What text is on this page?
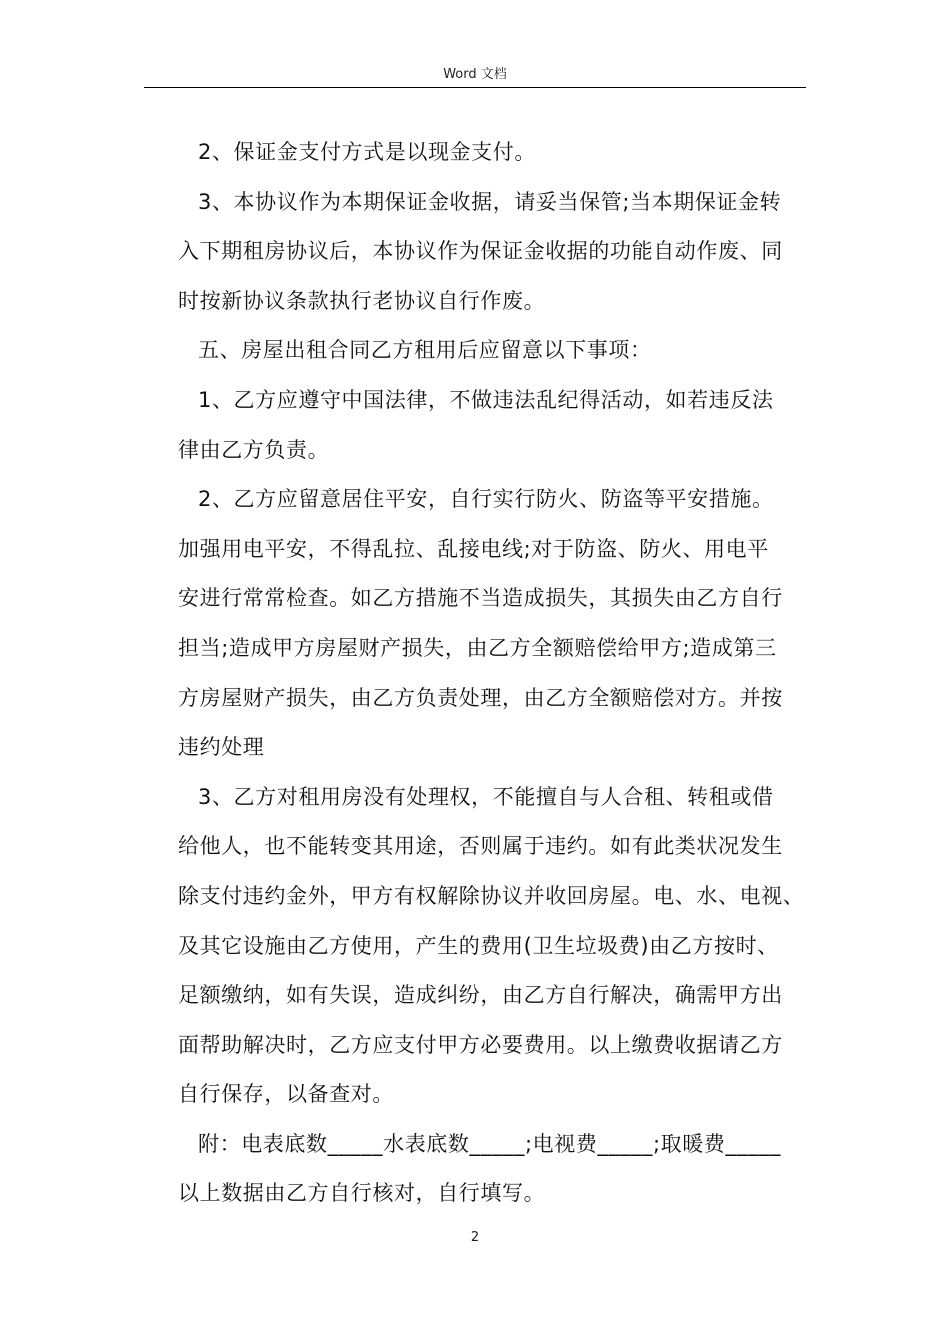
Word 文档
2、保证金支付方式是以现金支付。
3、本协议作为本期保证金收据，请妥当保管;当本期保证金转
入下期租房协议后，本协议作为保证金收据的功能自动作废、同
时按新协议条款执行老协议自行作废。
五、房屋出租合同乙方租用后应留意以下事项：
1、乙方应遵守中国法律，不做违法乱纪得活动，如若违反法
律由乙方负责。
2、乙方应留意居住平安，自行实行防火、防盗等平安措施。
加强用电平安，不得乱拉、乱接电线;对于防盗、防火、用电平
安进行常常检查。如乙方措施不当造成损失，其损失由乙方自行
担当;造成甲方房屋财产损失，由乙方全额赔偿给甲方;造成第三
方房屋财产损失，由乙方负责处理，由乙方全额赔偿对方。并按
违约处理
3、乙方对租用房没有处理权，不能擅自与人合租、转租或借
给他人，也不能转变其用途，否则属于违约。如有此类状况发生
除支付违约金外，甲方有权解除协议并收回房屋。电、水、电视、
及其它设施由乙方使用，产生的费用(卫生垃圾费)由乙方按时、
足额缴纳，如有失误，造成纠纷，由乙方自行解决，确需甲方出
面帮助解决时，乙方应支付甲方必要费用。以上缴费收据请乙方
自行保存，以备查对。
附：电表底数_____水表底数_____;电视费_____;取暖费_____
以上数据由乙方自行核对，自行填写。
2
